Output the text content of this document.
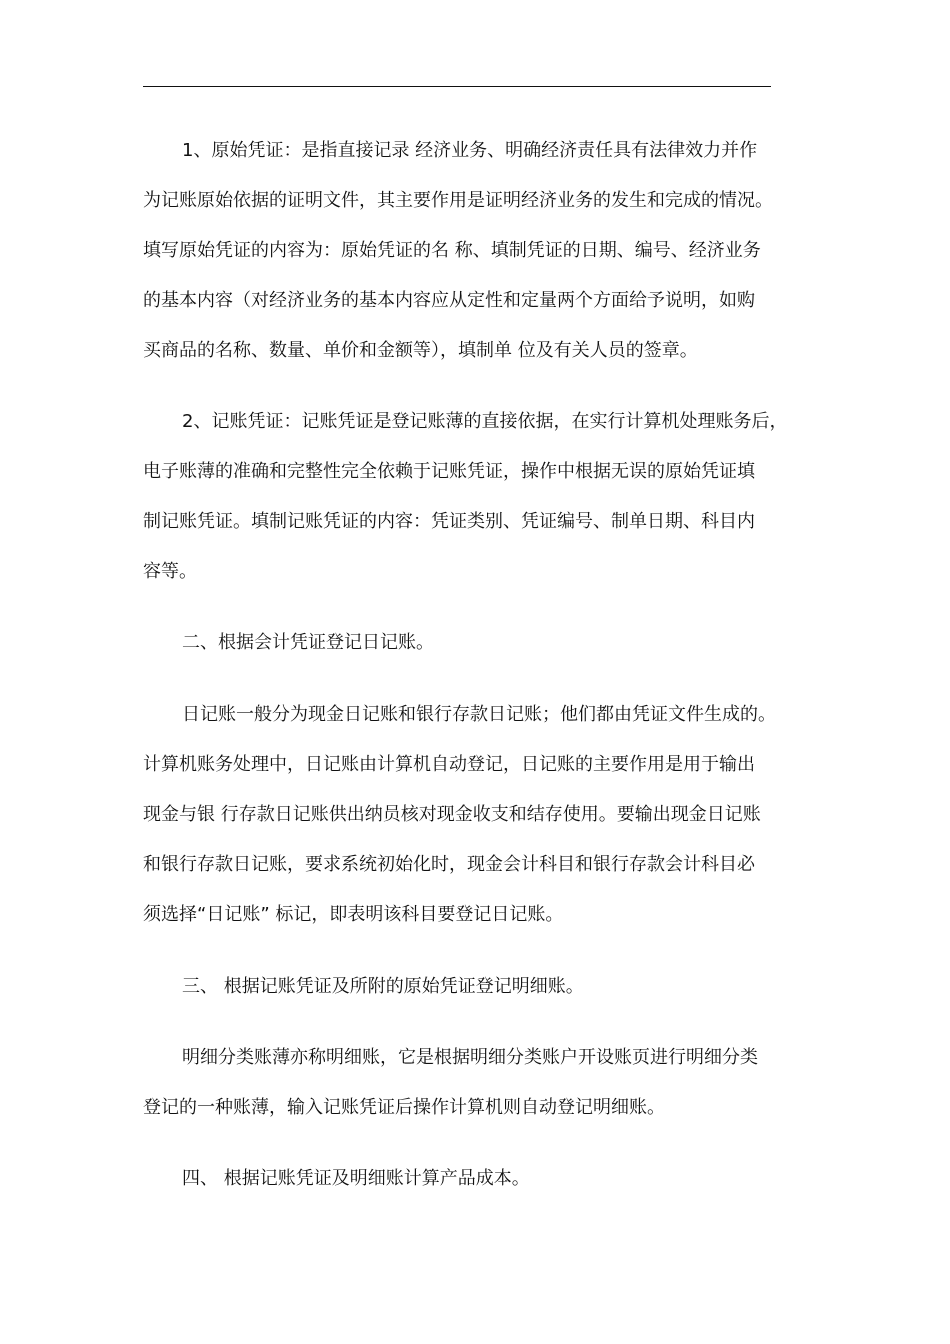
1、原始凭证：是指直接记录 经济业务、明确经济责任具有法律效力并作
为记账原始依据的证明文件，其主要作用是证明经济业务的发生和完成的情况。
填写原始凭证的内容为：原始凭证的名 称、填制凭证的日期、编号、经济业务
的基本内容（对经济业务的基本内容应从定性和定量两个方面给予说明，如购
买商品的名称、数量、单价和金额等），填制单 位及有关人员的签章。
2、记账凭证：记账凭证是登记账薄的直接依据，在实行计算机处理账务后，
电子账薄的准确和完整性完全依赖于记账凭证，操作中根据无误的原始凭证填
制记账凭证。填制记账凭证的内容：凭证类别、凭证编号、制单日期、科目内
容等。
二、根据会计凭证登记日记账。
日记账一般分为现金日记账和银行存款日记账；他们都由凭证文件生成的。
计算机账务处理中，日记账由计算机自动登记，日记账的主要作用是用于输出
现金与银 行存款日记账供出纳员核对现金收支和结存使用。要输出现金日记账
和银行存款日记账，要求系统初始化时，现金会计科目和银行存款会计科目必
须选择“日记账” 标记，即表明该科目要登记日记账。
三、 根据记账凭证及所附的原始凭证登记明细账。
明细分类账薄亦称明细账，它是根据明细分类账户开设账页进行明细分类
登记的一种账薄，输入记账凭证后操作计算机则自动登记明细账。
四、 根据记账凭证及明细账计算产品成本。
